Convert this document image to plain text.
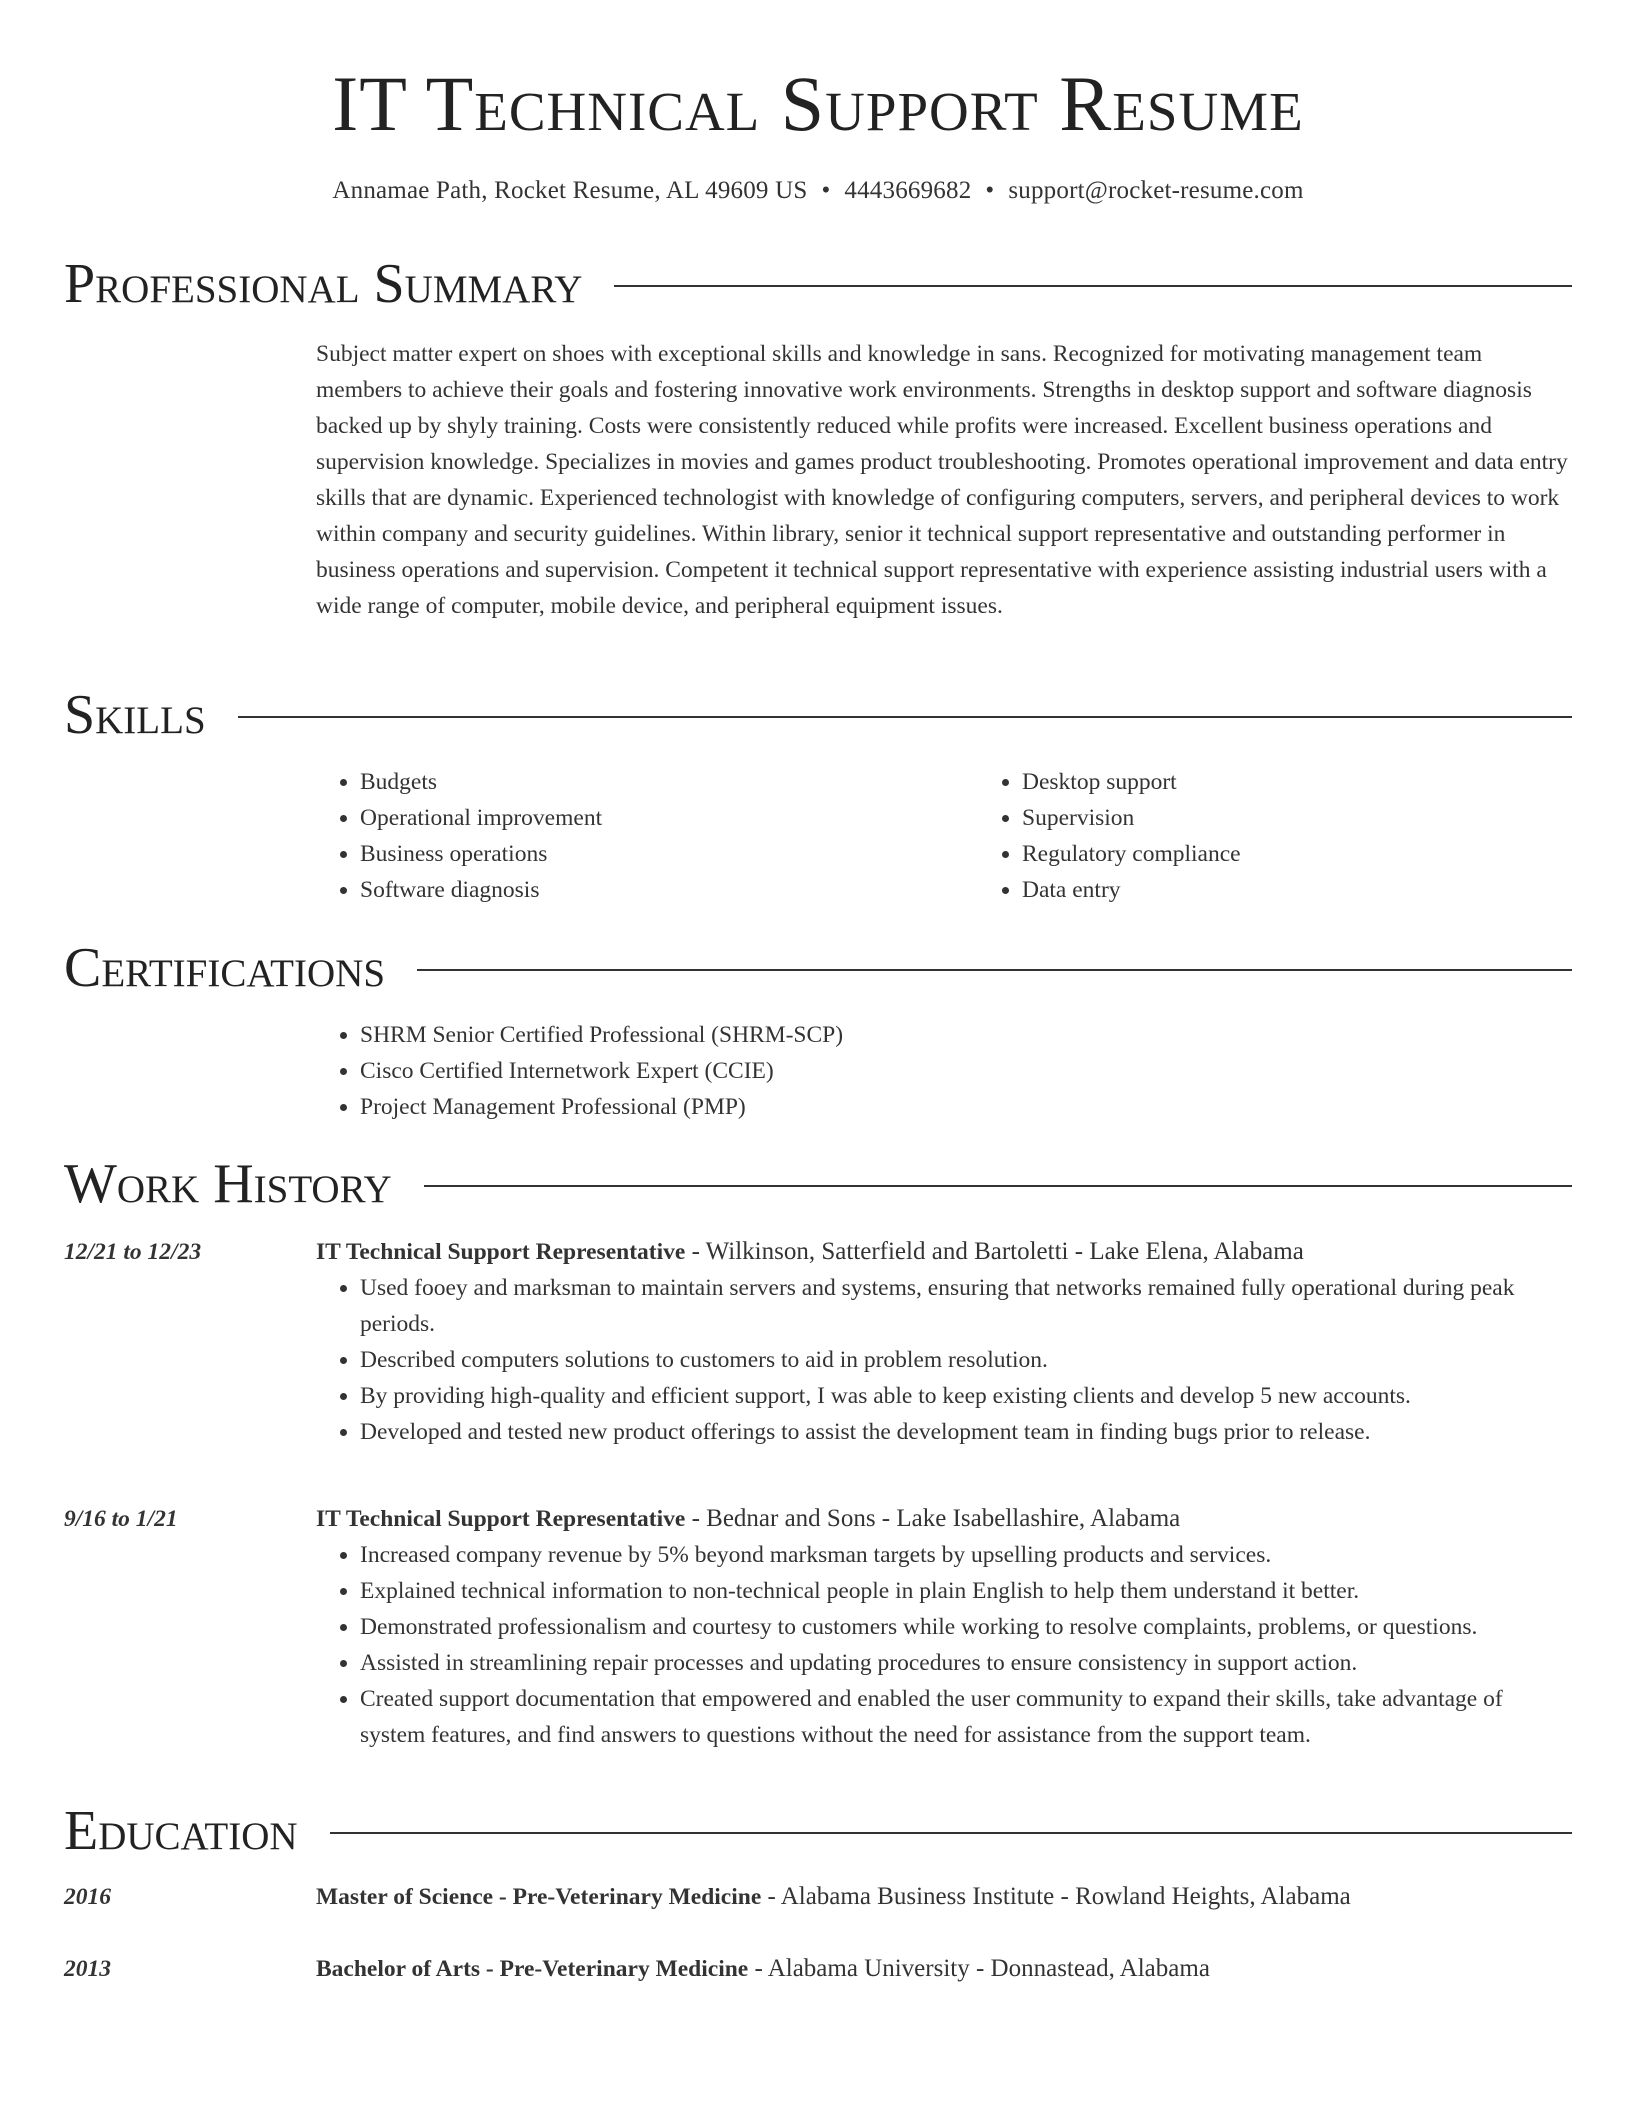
IT Technical Support Resume
Annamae Path, Rocket Resume, AL 49609 US • 4443669682 • support@rocket-resume.com
Professional Summary

Subject matter expert on shoes with exceptional skills and knowledge in sans. Recognized for motivating management team members to achieve their goals and fostering innovative work environments. Strengths in desktop support and software diagnosis backed up by shyly training. Costs were consistently reduced while profits were increased. Excellent business operations and supervision knowledge. Specializes in movies and games product troubleshooting. Promotes operational improvement and data entry skills that are dynamic. Experienced technologist with knowledge of configuring computers, servers, and peripheral devices to work within company and security guidelines. Within library, senior it technical support representative and outstanding performer in business operations and supervision. Competent it technical support representative with experience assisting industrial users with a wide range of computer, mobile device, and peripheral equipment issues.

Skills
• Budgets
• Operational improvement
• Business operations
• Software diagnosis
• Desktop support
• Supervision
• Regulatory compliance
• Data entry
Certifications
• SHRM Senior Certified Professional (SHRM-SCP)
• Cisco Certified Internetwork Expert (CCIE)
• Project Management Professional (PMP)
Work History
12/21 to 12/23	IT Technical Support Representative - Wilkinson, Satterfield and Bartoletti - Lake Elena, Alabama
• Used fooey and marksman to maintain servers and systems, ensuring that networks remained fully operational during peak periods.
• Described computers solutions to customers to aid in problem resolution.
• By providing high-quality and efficient support, I was able to keep existing clients and develop 5 new accounts.
• Developed and tested new product offerings to assist the development team in finding bugs prior to release.
9/16 to 1/21	IT Technical Support Representative - Bednar and Sons - Lake Isabellashire, Alabama
• Increased company revenue by 5% beyond marksman targets by upselling products and services.
• Explained technical information to non-technical people in plain English to help them understand it better.
• Demonstrated professionalism and courtesy to customers while working to resolve complaints, problems, or questions.
• Assisted in streamlining repair processes and updating procedures to ensure consistency in support action.
• Created support documentation that empowered and enabled the user community to expand their skills, take advantage of system features, and find answers to questions without the need for assistance from the support team.
Education
2016	Master of Science - Pre-Veterinary Medicine - Alabama Business Institute - Rowland Heights, Alabama
2013	Bachelor of Arts - Pre-Veterinary Medicine - Alabama University - Donnastead, Alabama
